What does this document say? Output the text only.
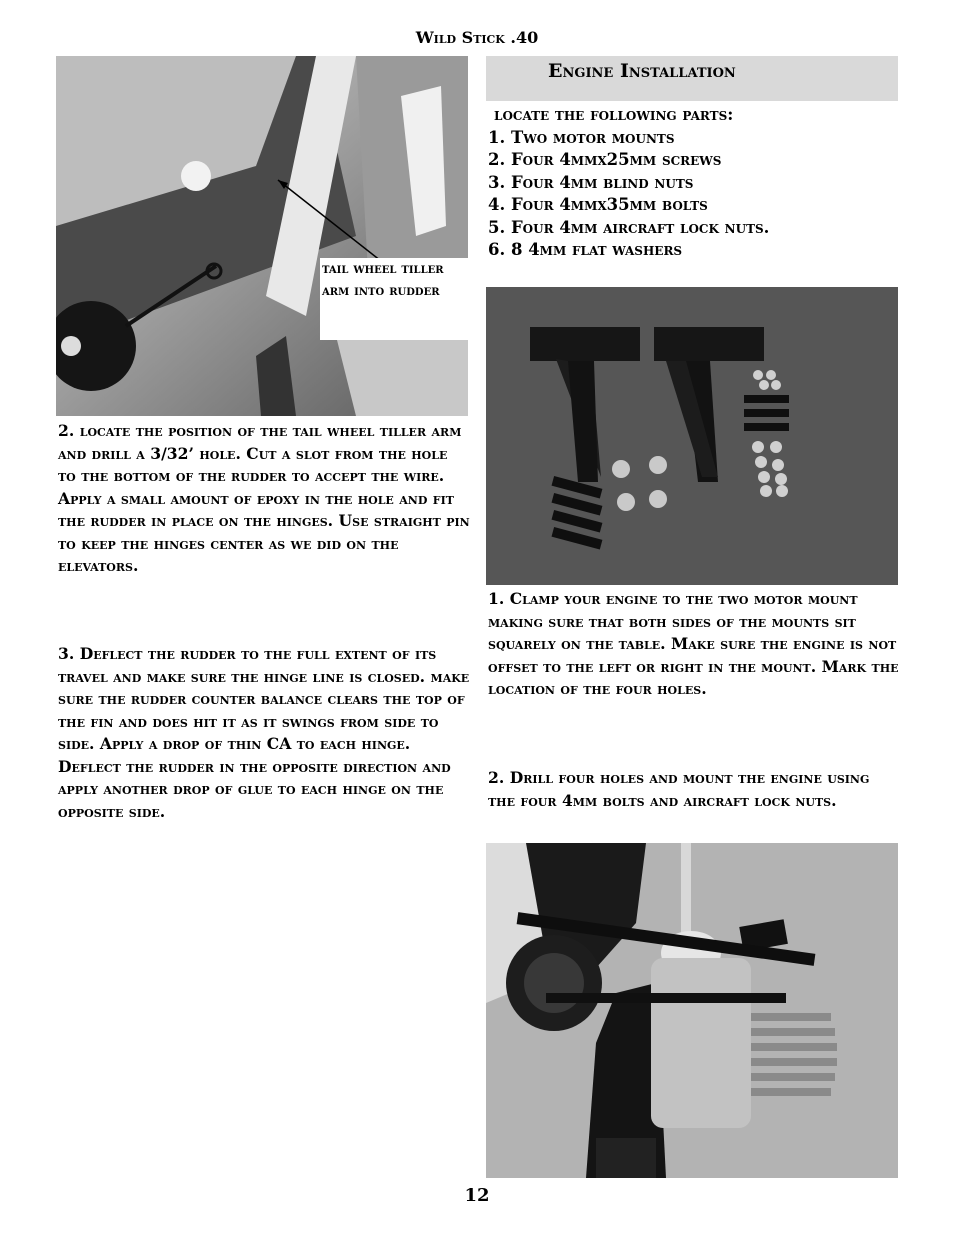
Wild Stick .40
tail wheel tiller arm into rudder
2. locate the position of the tail wheel tiller arm and drill a 3/32’ hole. Cut a slot from the hole to the bottom of the rudder to accept the wire. Apply a small amount of epoxy in the hole and fit the rudder in place on the hinges. Use straight pin to keep the hinges center as we did on the elevators.
3. Deflect the rudder to the full extent of its travel and make sure the hinge line is closed. make sure the rudder counter balance clears the top of the fin and does hit it as it swings from side to side. Apply a drop of thin CA to each hinge. Deflect the rudder in the opposite direction and apply another drop of glue to each hinge on the opposite side.
Engine Installation
locate the following parts:
1. Two motor mounts
2. Four 4mmx25mm screws
3. Four 4mm blind nuts
4. Four 4mmx35mm bolts
5. Four 4mm aircraft lock nuts.
6. 8 4mm flat washers
1. Clamp your engine to the two motor mount making sure that both sides of the mounts sit squarely on the table. Make sure the engine is not offset to the left or right in the mount. Mark the location of the four holes.
2. Drill four holes and mount the engine using the four 4mm bolts and aircraft lock nuts.
12
